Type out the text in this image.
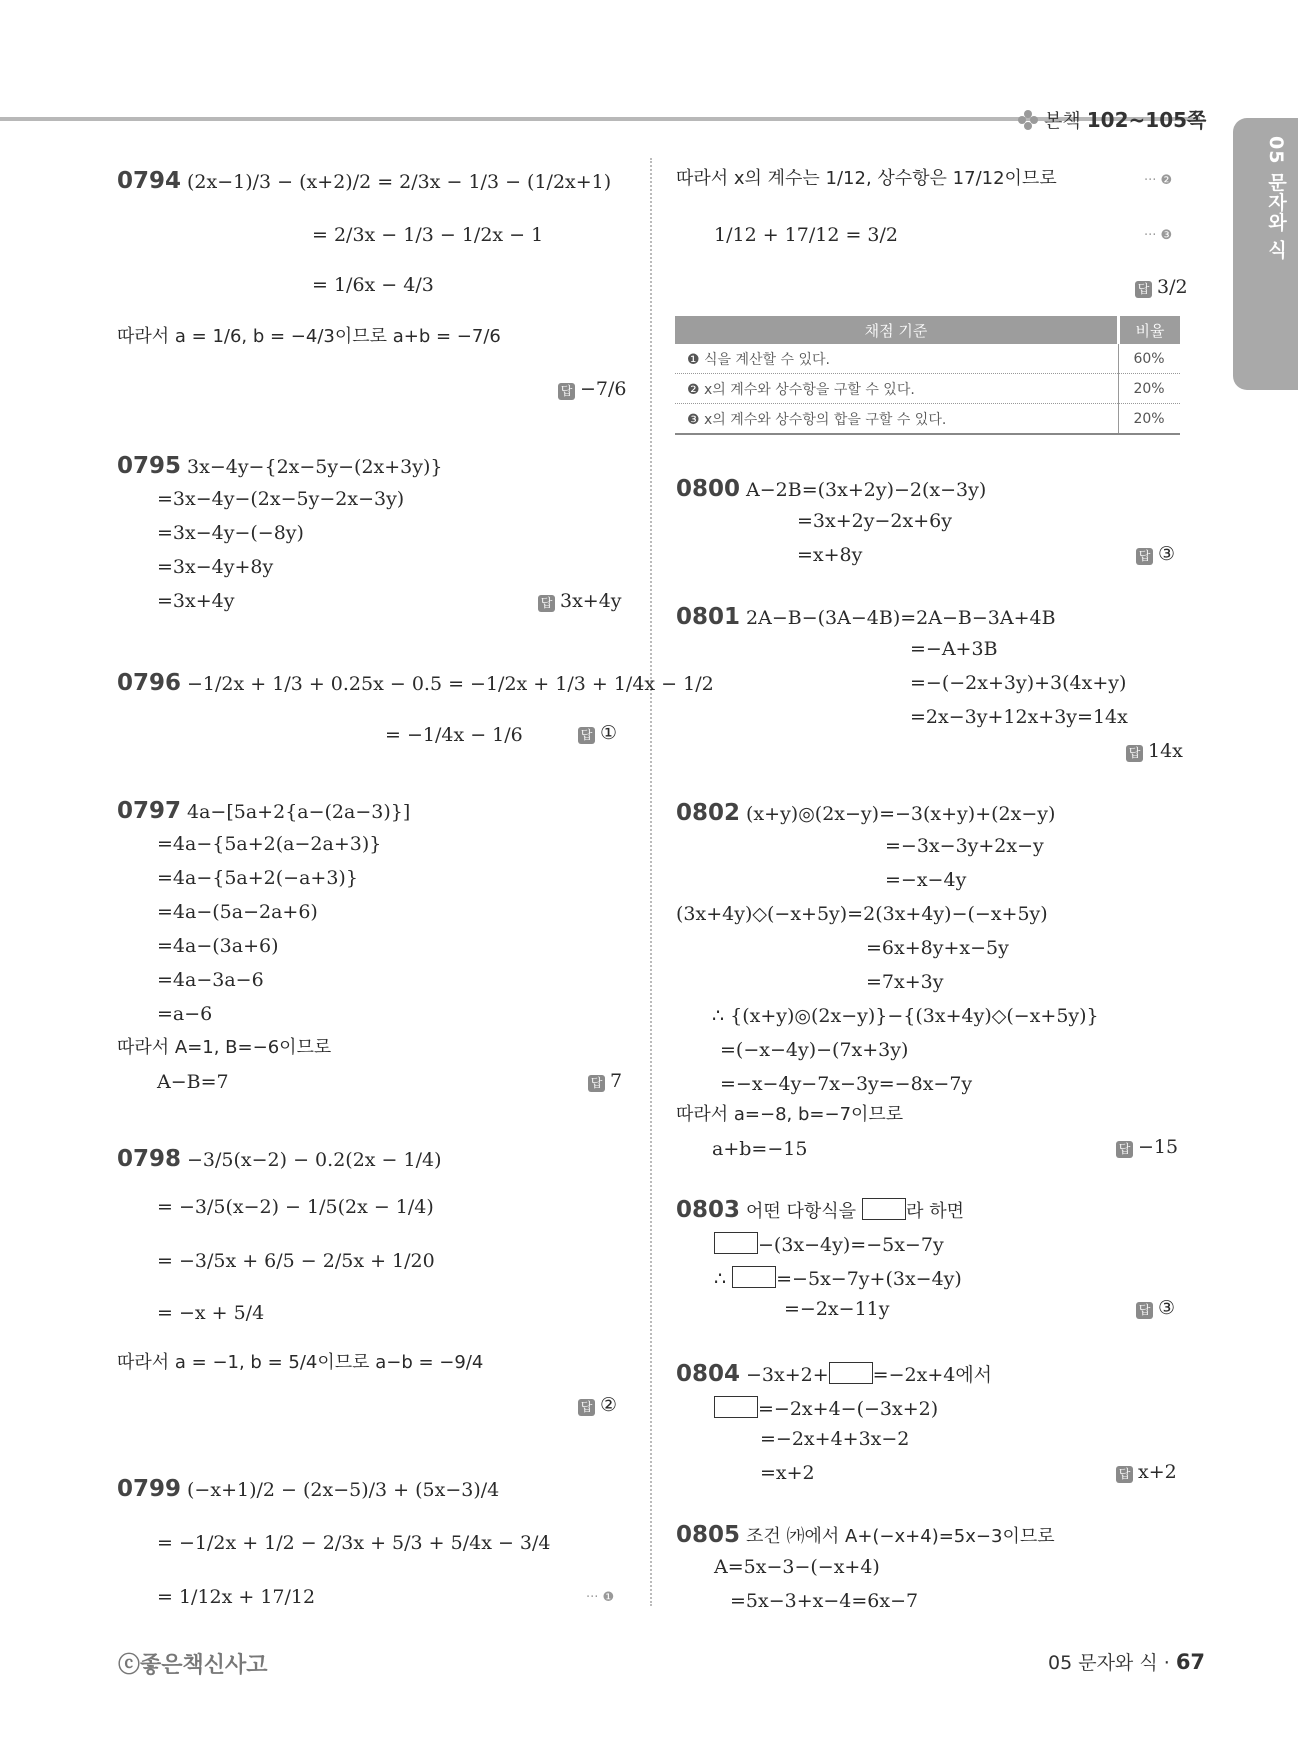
본책 102~105쪽
05 문자와 식
0794 (2x−1)/3 − (x+2)/2 = 2/3x − 1/3 − (1/2x+1)
= 2/3x − 1/3 − 1/2x − 1
= 1/6x − 4/3
따라서 a = 1/6, b = −4/3이므로 a+b = −7/6
답 −7/6
0795 3x−4y−{2x−5y−(2x+3y)}
=3x−4y−(2x−5y−2x−3y)
=3x−4y−(−8y)
=3x−4y+8y
=3x+4y	답 3x+4y
0796 −1/2x + 1/3 + 0.25x − 0.5 = −1/2x + 1/3 + 1/4x − 1/2
= −1/4x − 1/6	답 ①
0797 4a−[5a+2{a−(2a−3)}]
=4a−{5a+2(a−2a+3)}
=4a−{5a+2(−a+3)}
=4a−(5a−2a+6)
=4a−(3a+6)
=4a−3a−6
=a−6
따라서 A=1, B=−6이므로
A−B=7	답 7
0798 −3/5(x−2) − 0.2(2x − 1/4)
= −3/5(x−2) − 1/5(2x − 1/4)
= −3/5x + 6/5 − 2/5x + 1/20
= −x + 5/4
따라서 a = −1, b = 5/4이므로 a−b = −9/4
답 ②
0799 (−x+1)/2 − (2x−5)/3 + (5x−3)/4
= −1/2x + 1/2 − 2/3x + 5/3 + 5/4x − 3/4
= 1/12x + 17/12	··· ❶
따라서 x의 계수는 1/12, 상수항은 17/12이므로	··· ❷
1/12 + 17/12 = 3/2	··· ❸
답 3/2
채점 기준	비율
❶ 식을 계산할 수 있다.	60%
❷ x의 계수와 상수항을 구할 수 있다.	20%
❸ x의 계수와 상수항의 합을 구할 수 있다.	20%
0800 A−2B=(3x+2y)−2(x−3y)
=3x+2y−2x+6y
=x+8y	답 ③
0801 2A−B−(3A−4B)=2A−B−3A+4B
=−A+3B
=−(−2x+3y)+3(4x+y)
=2x−3y+12x+3y=14x
답 14x
0802 (x+y)◎(2x−y)=−3(x+y)+(2x−y)
=−3x−3y+2x−y
=−x−4y
(3x+4y)◇(−x+5y)=2(3x+4y)−(−x+5y)
=6x+8y+x−5y
=7x+3y
∴ {(x+y)◎(2x−y)}−{(3x+4y)◇(−x+5y)}
=(−x−4y)−(7x+3y)
=−x−4y−7x−3y=−8x−7y
따라서 a=−8, b=−7이므로
a+b=−15	답 −15
0803 어떤 다항식을	라 하면
−(3x−4y)=−5x−7y
∴	=−5x−7y+(3x−4y)
=−2x−11y	답 ③
0804 −3x+2+ =−2x+4에서
=−2x+4−(−3x+2)
=−2x+4+3x−2
=x+2	답 x+2
0805 조건 ㈎에서 A+(−x+4)=5x−3이므로
A=5x−3−(−x+4)
=5x−3+x−4=6x−7
ⓒ좋은책신사고	05 문자와 식 · 67
